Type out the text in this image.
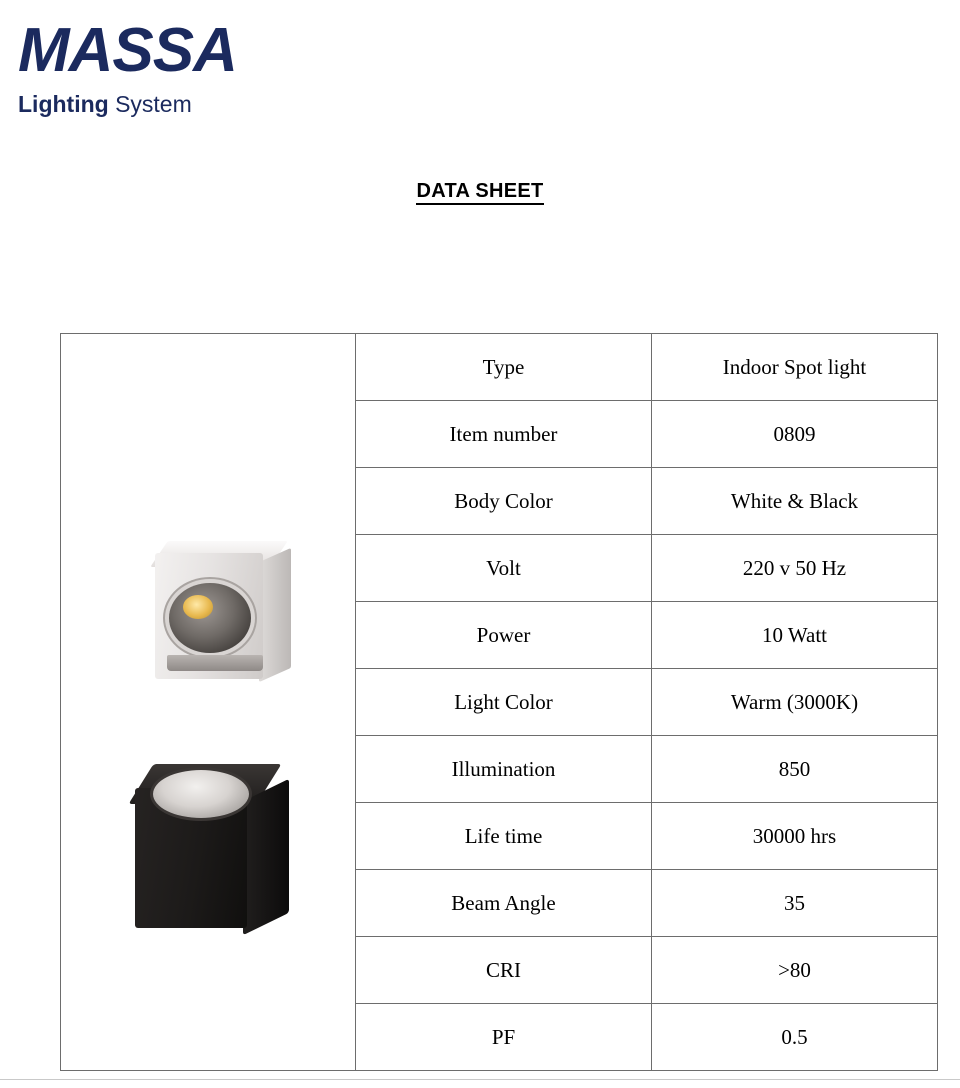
MASSA
Lighting System
DATA SHEET
	Type	Indoor Spot light
	Item number	0809
	Body Color	White & Black
	Volt	220 v 50 Hz
	Power	10 Watt
	Light Color	Warm (3000K)
	Illumination	850
	Life time	30000 hrs
	Beam Angle	35
	CRI	>80
	PF	0.5
